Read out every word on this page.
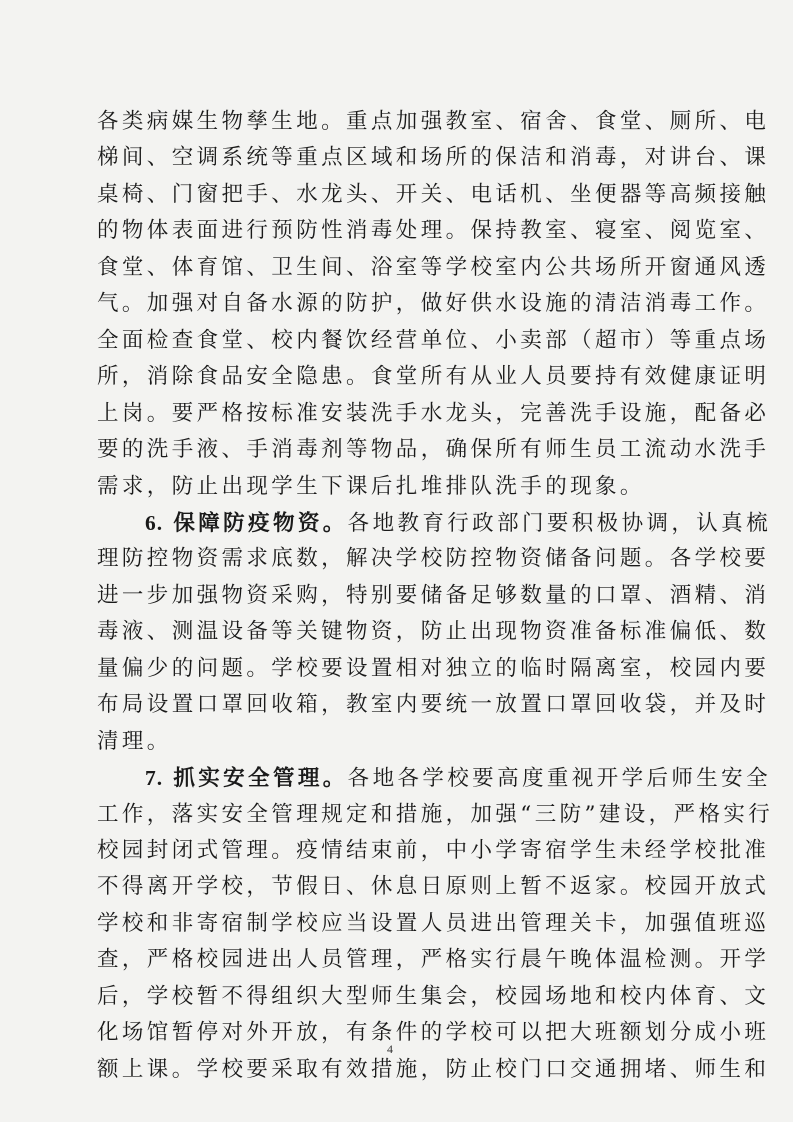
各类病媒生物孳生地。重点加强教室、宿舍、食堂、厕所、电
梯间、空调系统等重点区域和场所的保洁和消毒，对讲台、课
桌椅、门窗把手、水龙头、开关、电话机、坐便器等高频接触
的物体表面进行预防性消毒处理。保持教室、寝室、阅览室、
食堂、体育馆、卫生间、浴室等学校室内公共场所开窗通风透
气。加强对自备水源的防护，做好供水设施的清洁消毒工作。
全面检查食堂、校内餐饮经营单位、小卖部（超市）等重点场
所，消除食品安全隐患。食堂所有从业人员要持有效健康证明
上岗。要严格按标准安装洗手水龙头，完善洗手设施，配备必
要的洗手液、手消毒剂等物品，确保所有师生员工流动水洗手
需求，防止出现学生下课后扎堆排队洗手的现象。
6. 保障防疫物资。各地教育行政部门要积极协调，认真梳
理防控物资需求底数，解决学校防控物资储备问题。各学校要
进一步加强物资采购，特别要储备足够数量的口罩、酒精、消
毒液、测温设备等关键物资，防止出现物资准备标准偏低、数
量偏少的问题。学校要设置相对独立的临时隔离室，校园内要
布局设置口罩回收箱，教室内要统一放置口罩回收袋，并及时
清理。
7. 抓实安全管理。各地各学校要高度重视开学后师生安全
工作，落实安全管理规定和措施，加强“三防”建设，严格实行
校园封闭式管理。疫情结束前，中小学寄宿学生未经学校批准
不得离开学校，节假日、休息日原则上暂不返家。校园开放式
学校和非寄宿制学校应当设置人员进出管理关卡，加强值班巡
查，严格校园进出人员管理，严格实行晨午晚体温检测。开学
4
后，学校暂不得组织大型师生集会，校园场地和校内体育、文
化场馆暂停对外开放，有条件的学校可以把大班额划分成小班
额上课。学校要采取有效措施，防止校门口交通拥堵、师生和
